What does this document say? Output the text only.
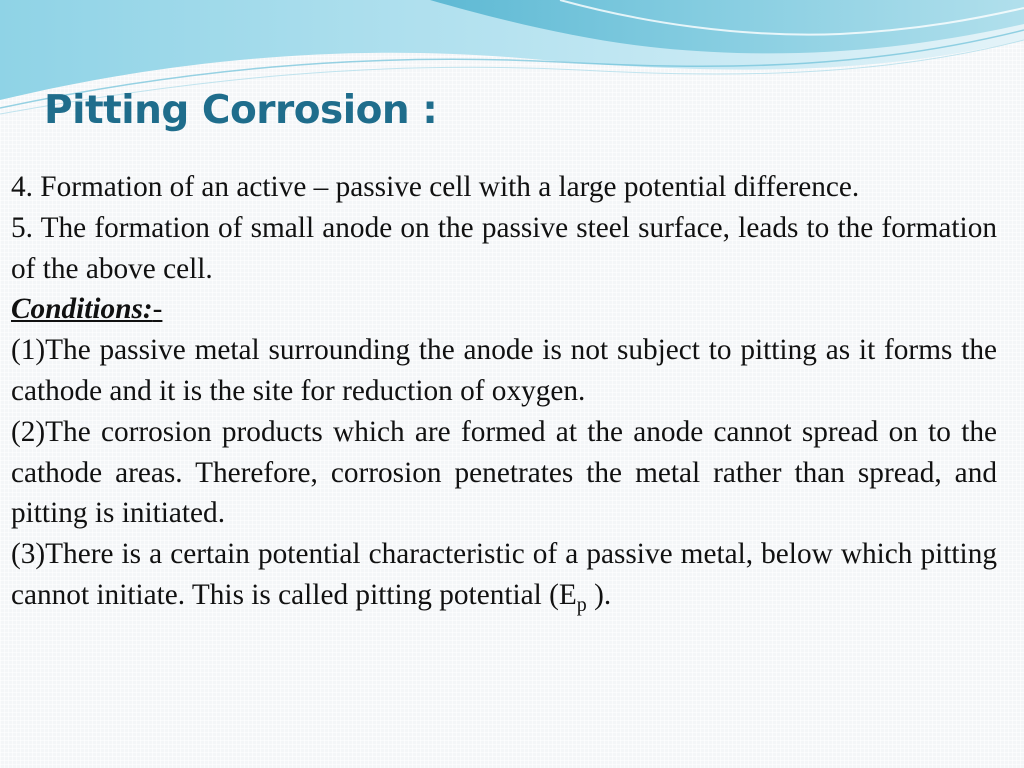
Pitting Corrosion :

4. Formation of an active – passive cell with a large potential difference.

5. The formation of small anode on the passive steel surface, leads to the formation of the above cell.

Conditions:-

(1)The passive metal surrounding the anode is not subject to pitting as it forms the cathode and it is the site for reduction of oxygen.

(2)The corrosion products which are formed at the anode cannot spread on to the cathode areas. Therefore, corrosion penetrates the metal rather than spread, and pitting is initiated.

(3)There is a certain potential characteristic of a passive metal, below which pitting cannot initiate. This is called pitting potential ($E_p$ ).
